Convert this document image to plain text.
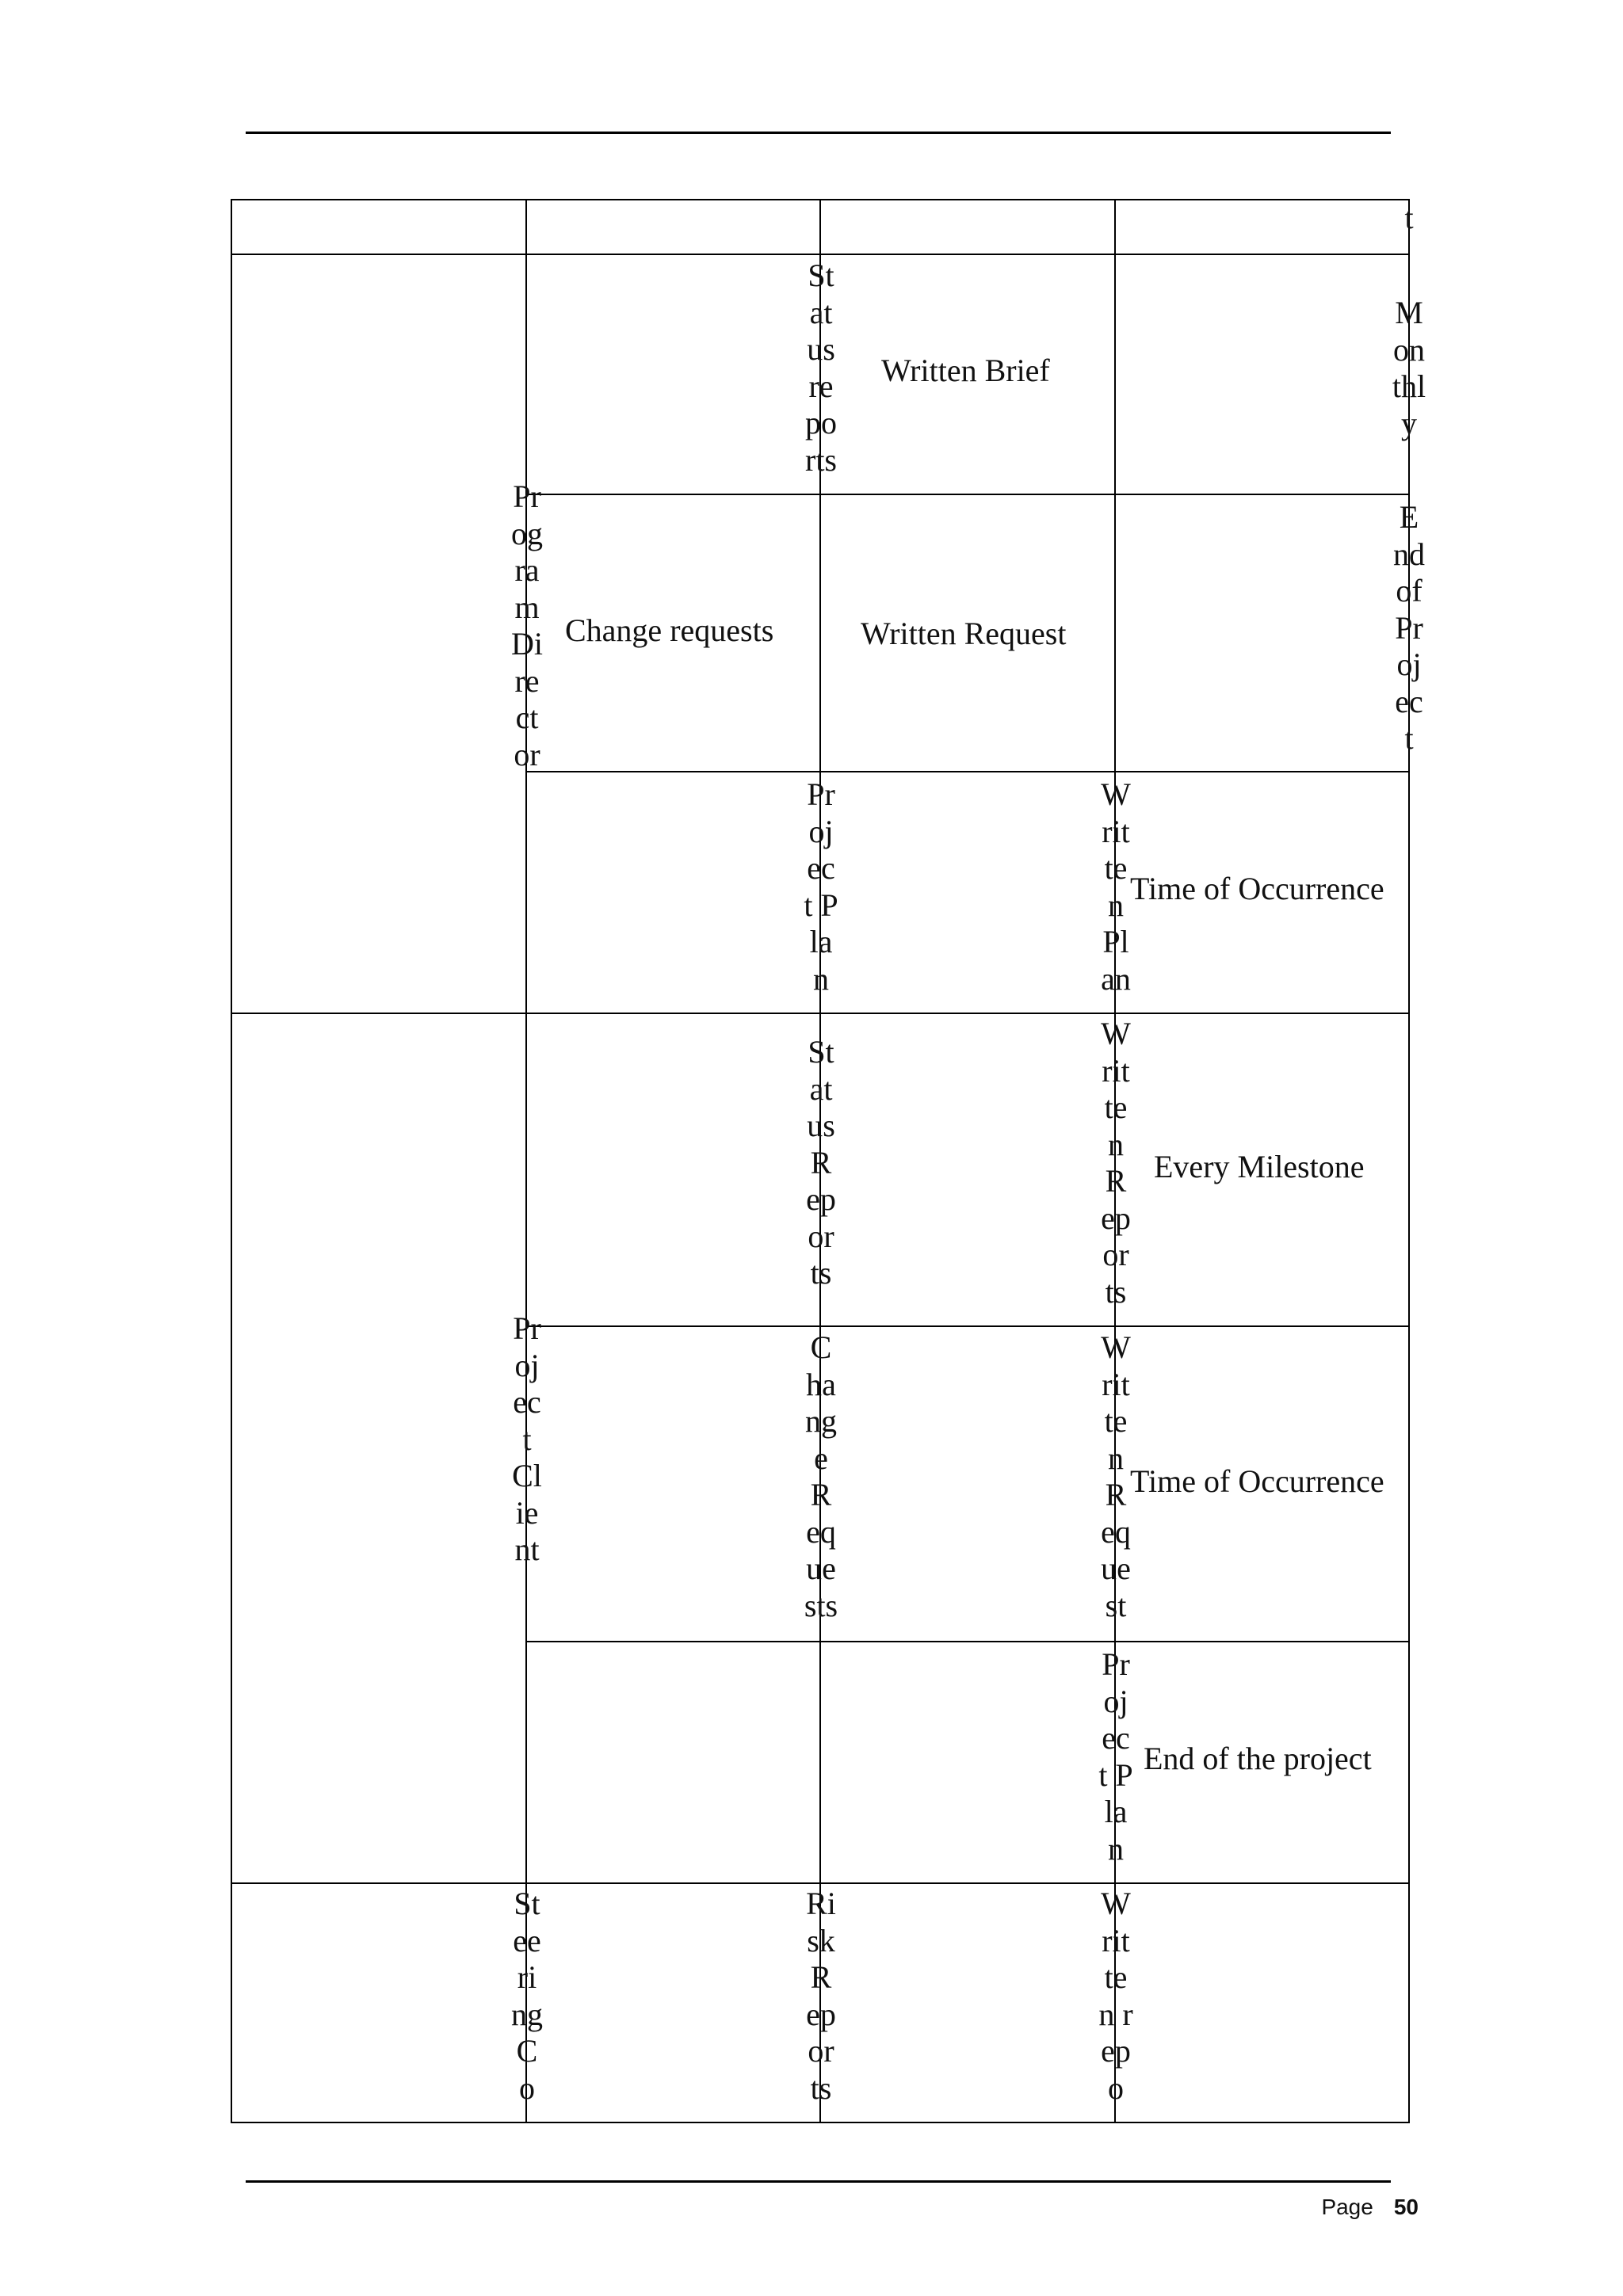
t
Program Director
Status reports
Written Brief
Monthly
Change requests	Written Request
End of Project
Project Plan
Written Plan
Time of Occurrence
Project Client
Status Reports
Written Reports
Every Milestone
Change Requests
Written Request
Time of Occurrence
Project Plan
End of the project
Steering Co
Risk Reports
Written repo
Page 50
